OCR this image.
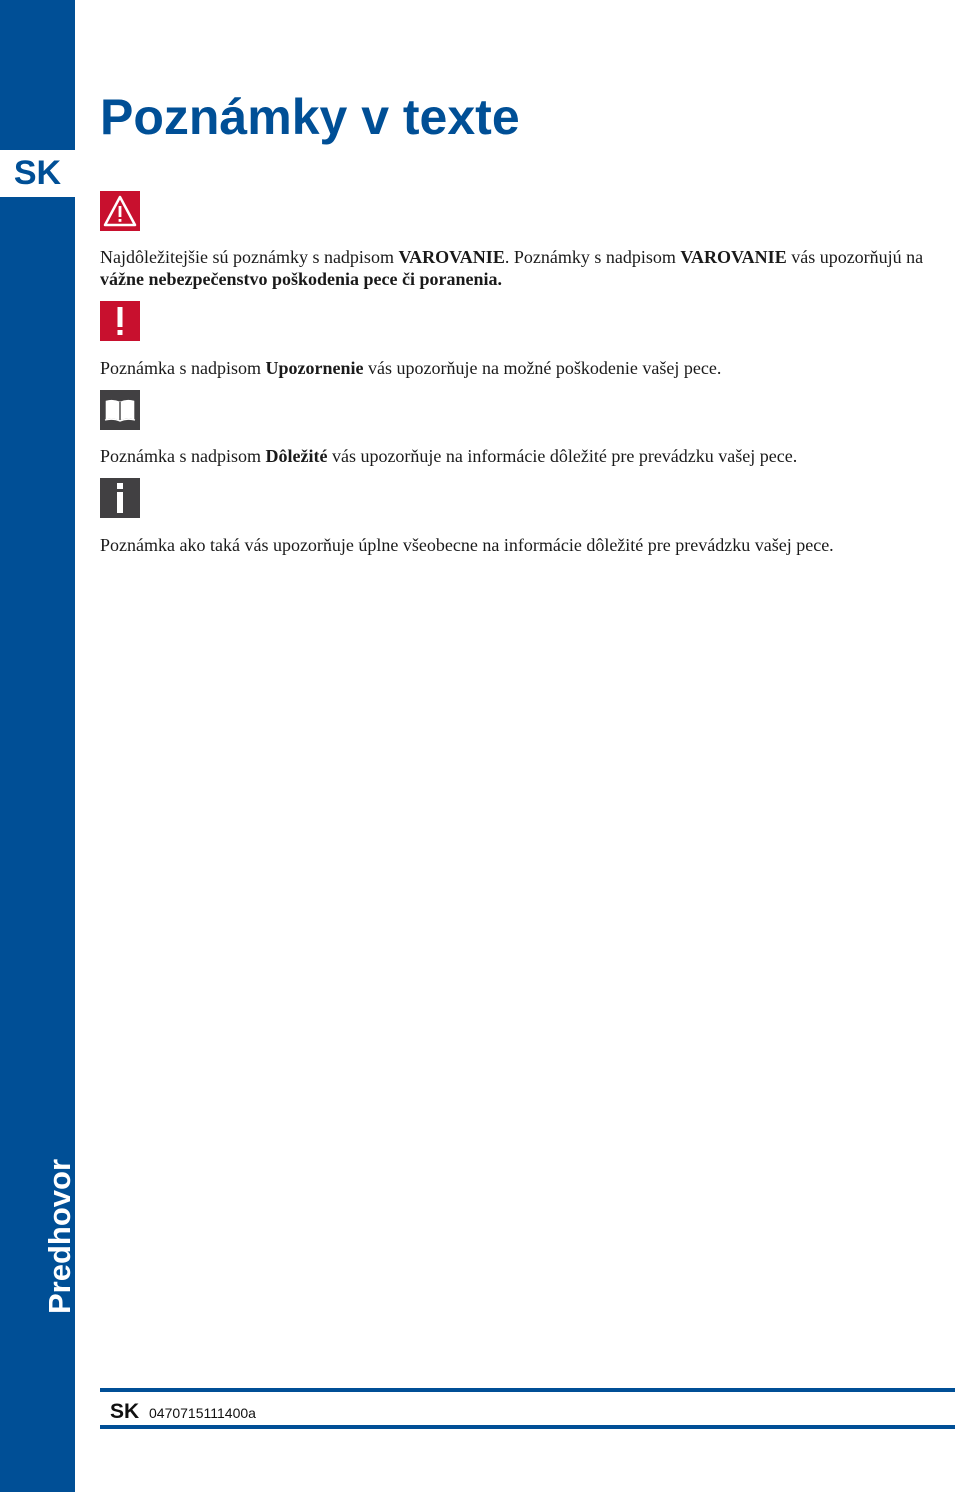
SK
Predhovor
Poznámky v texte

Najdôležitejšie sú poznámky s nadpisom VAROVANIE. Poznámky s nadpisom VAROVANIE vás upozorňujú na vážne nebezpečenstvo poškodenia pece či poranenia.

Poznámka s nadpisom Upozornenie vás upozorňuje na možné poškodenie vašej pece.

Poznámka s nadpisom Dôležité vás upozorňuje na informácie dôležité pre prevádzku vašej pece.

Poznámka ako taká vás upozorňuje úplne všeobecne na informácie dôležité pre prevádzku vašej pece.

SK 0470715111400a
